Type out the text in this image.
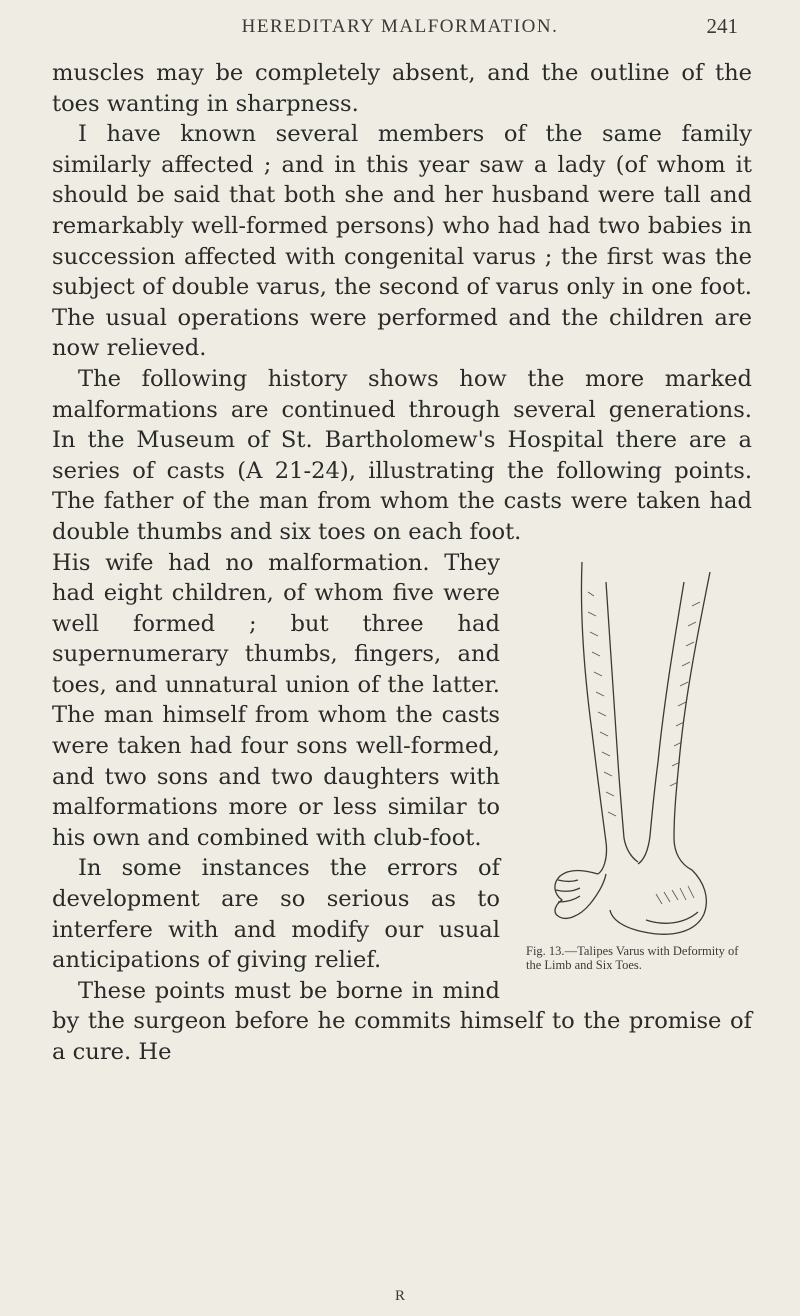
HEREDITARY MALFORMATION.	241

muscles may be completely absent, and the outline of the toes wanting in sharpness.

I have known several members of the same family similarly affected ; and in this year saw a lady (of whom it should be said that both she and her husband were tall and remarkably well-formed persons) who had had two babies in succession affected with congenital varus ; the first was the subject of double varus, the second of varus only in one foot. The usual operations were performed and the children are now relieved.

The following history shows how the more marked malformations are continued through several generations. In the Museum of St. Bartholomew's Hospital there are a series of casts (A 21-24), illustrating the following points. The father of the man from whom the casts were taken had double thumbs and six toes on each foot.

Fig. 13.—Talipes Varus with Deformity of the Limb and Six Toes.

His wife had no malformation. They had eight children, of whom five were well formed ; but three had supernumerary thumbs, fingers, and toes, and unnatural union of the latter. The man himself from whom the casts were taken had four sons well-formed, and two sons and two daughters with malformations more or less similar to his own and combined with club-foot.

In some instances the errors of development are so serious as to interfere with and modify our usual anticipations of giving relief.

These points must be borne in mind by the surgeon before he commits himself to the promise of a cure. He

R
